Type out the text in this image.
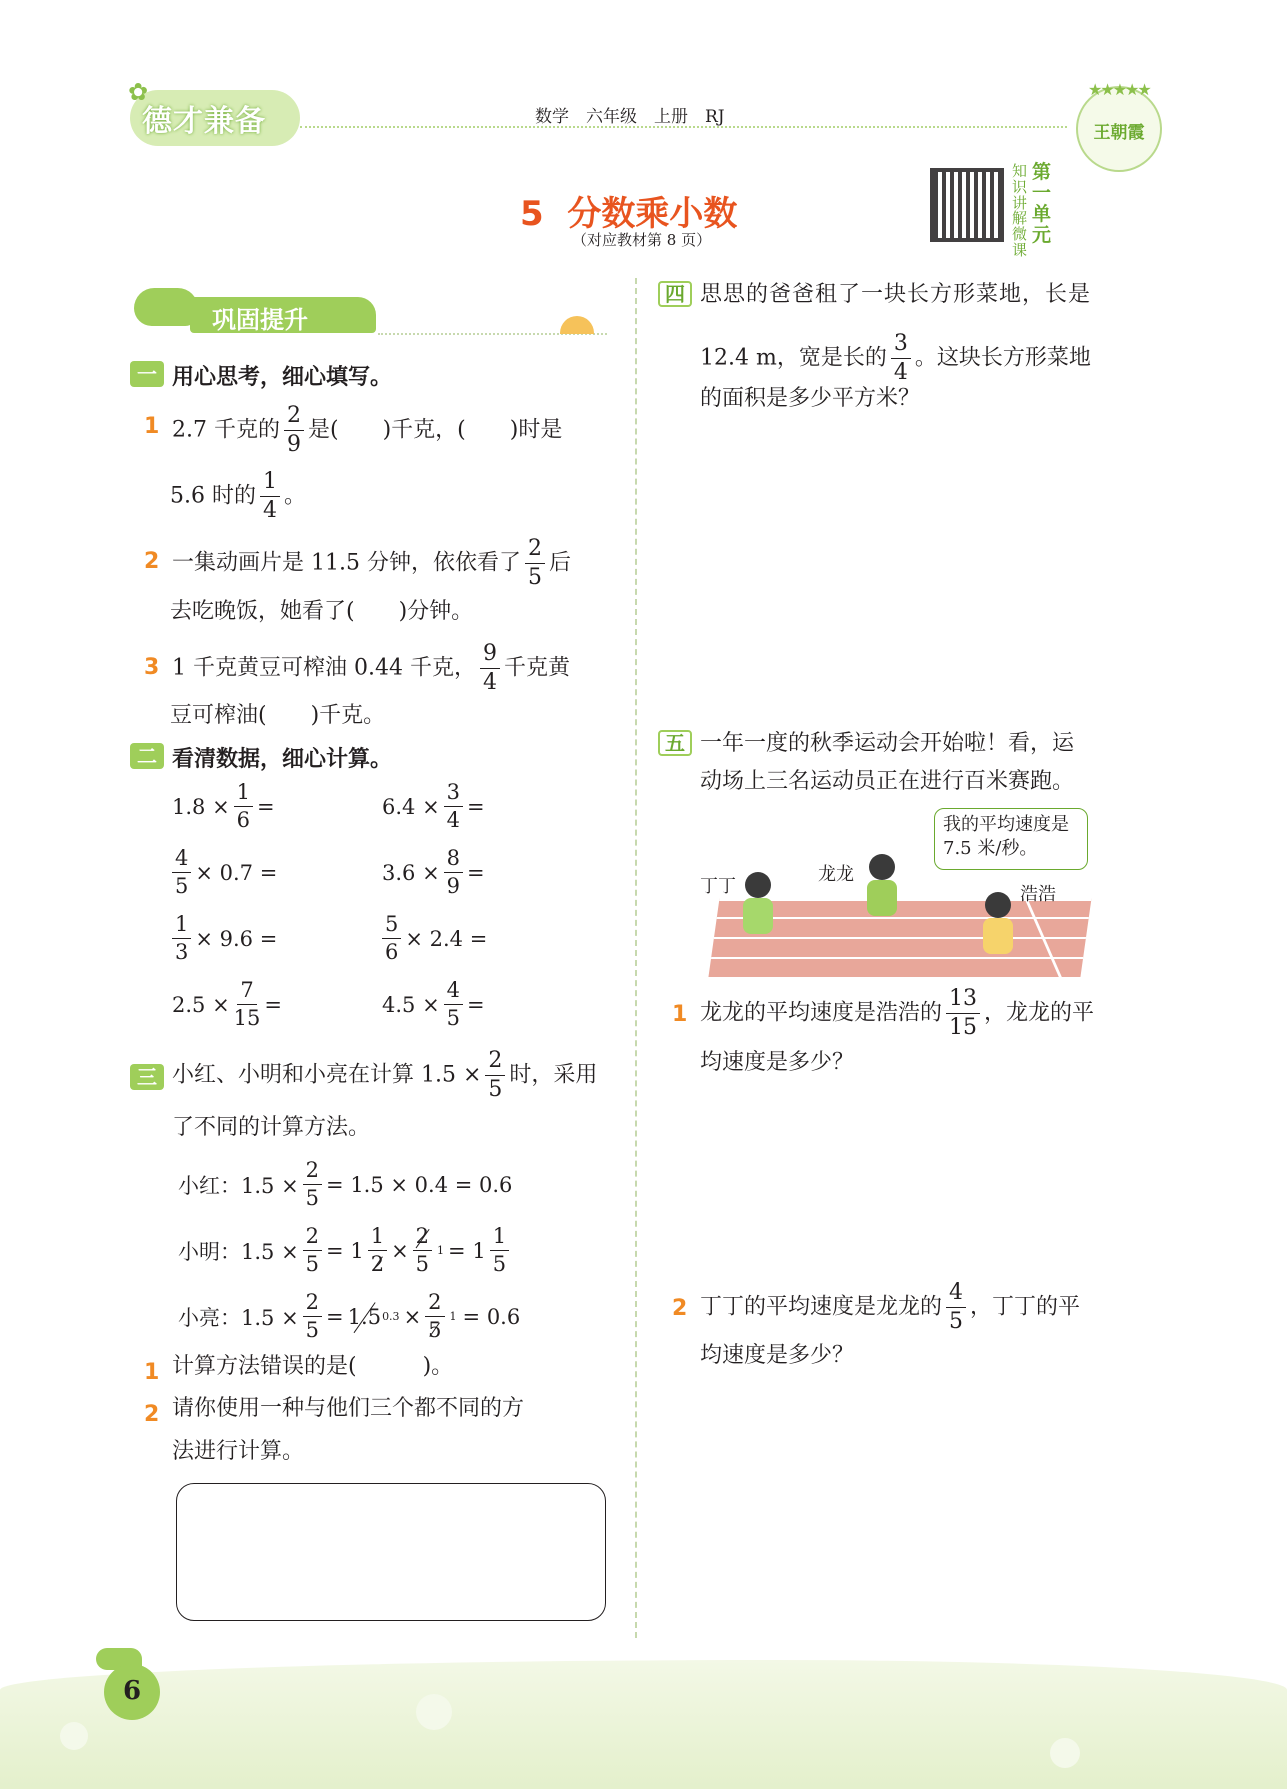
✿
德才兼备	数学　六年级　上册　RJ
★★★★★
王朝霞
5  分数乘小数
（对应教材第 8 页）
知识讲解微课
第一单元
巩固提升
一 用心思考，细心填写。
1 2.7 千克的 $\frac{2}{9}$ 是(　　)千克，(　　)时是
5.6 时的 $\frac{1}{4}$ 。
2 一集动画片是 11.5 分钟，依依看了 $\frac{2}{5}$ 后
去吃晚饭，她看了(　　)分钟。
3 1 千克黄豆可榨油 0.44 千克， $\frac{9}{4}$ 千克黄
豆可榨油(　　)千克。
二 看清数据，细心计算。
$1.8 \times \frac{1}{6}$ =	$6.4 \times \frac{3}{4}$ =
$\frac{4}{5} \times 0.7$ =	$3.6 \times \frac{8}{9}$ =
$\frac{1}{3} \times 9.6$ =	$\frac{5}{6} \times 2.4$ =
$2.5 \times \frac{7}{15}$ =	$4.5 \times \frac{4}{5}$ =
三 小红、小明和小亮在计算 $1.5 \times \frac{2}{5}$ 时，采用
了不同的计算方法。
小红：$1.5 \times \frac{2}{5} = 1.5 \times 0.4 = 0.6$
小明：$1.5 \times \frac{2}{5} = 1 \frac{1}{2} \times \frac{2}{5} 1 = 1$
1
5
小亮：$1.5 \times \frac{2}{5} = 1.5$ $0.3 \times \frac{2}{5} 1 = 0.6$
1 计算方法错误的是(　　　)。
2 请你使用一种与他们三个都不同的方
法进行计算。
四 思思的爸爸租了一块长方形菜地，长是
12.4 m，宽是长的 $\frac{3}{4}$ 。这块长方形菜地
的面积是多少平方米？
五 一年一度的秋季运动会开始啦！看，运
动场上三名运动员正在进行百米赛跑。
我的平均速度是 7.5 米/秒。
丁丁
龙龙
浩浩
1 龙龙的平均速度是浩浩的 $\frac{13}{15}$ ，龙龙的平
均速度是多少？
2 丁丁的平均速度是龙龙的 $\frac{4}{5}$ ，丁丁的平
均速度是多少？
6
